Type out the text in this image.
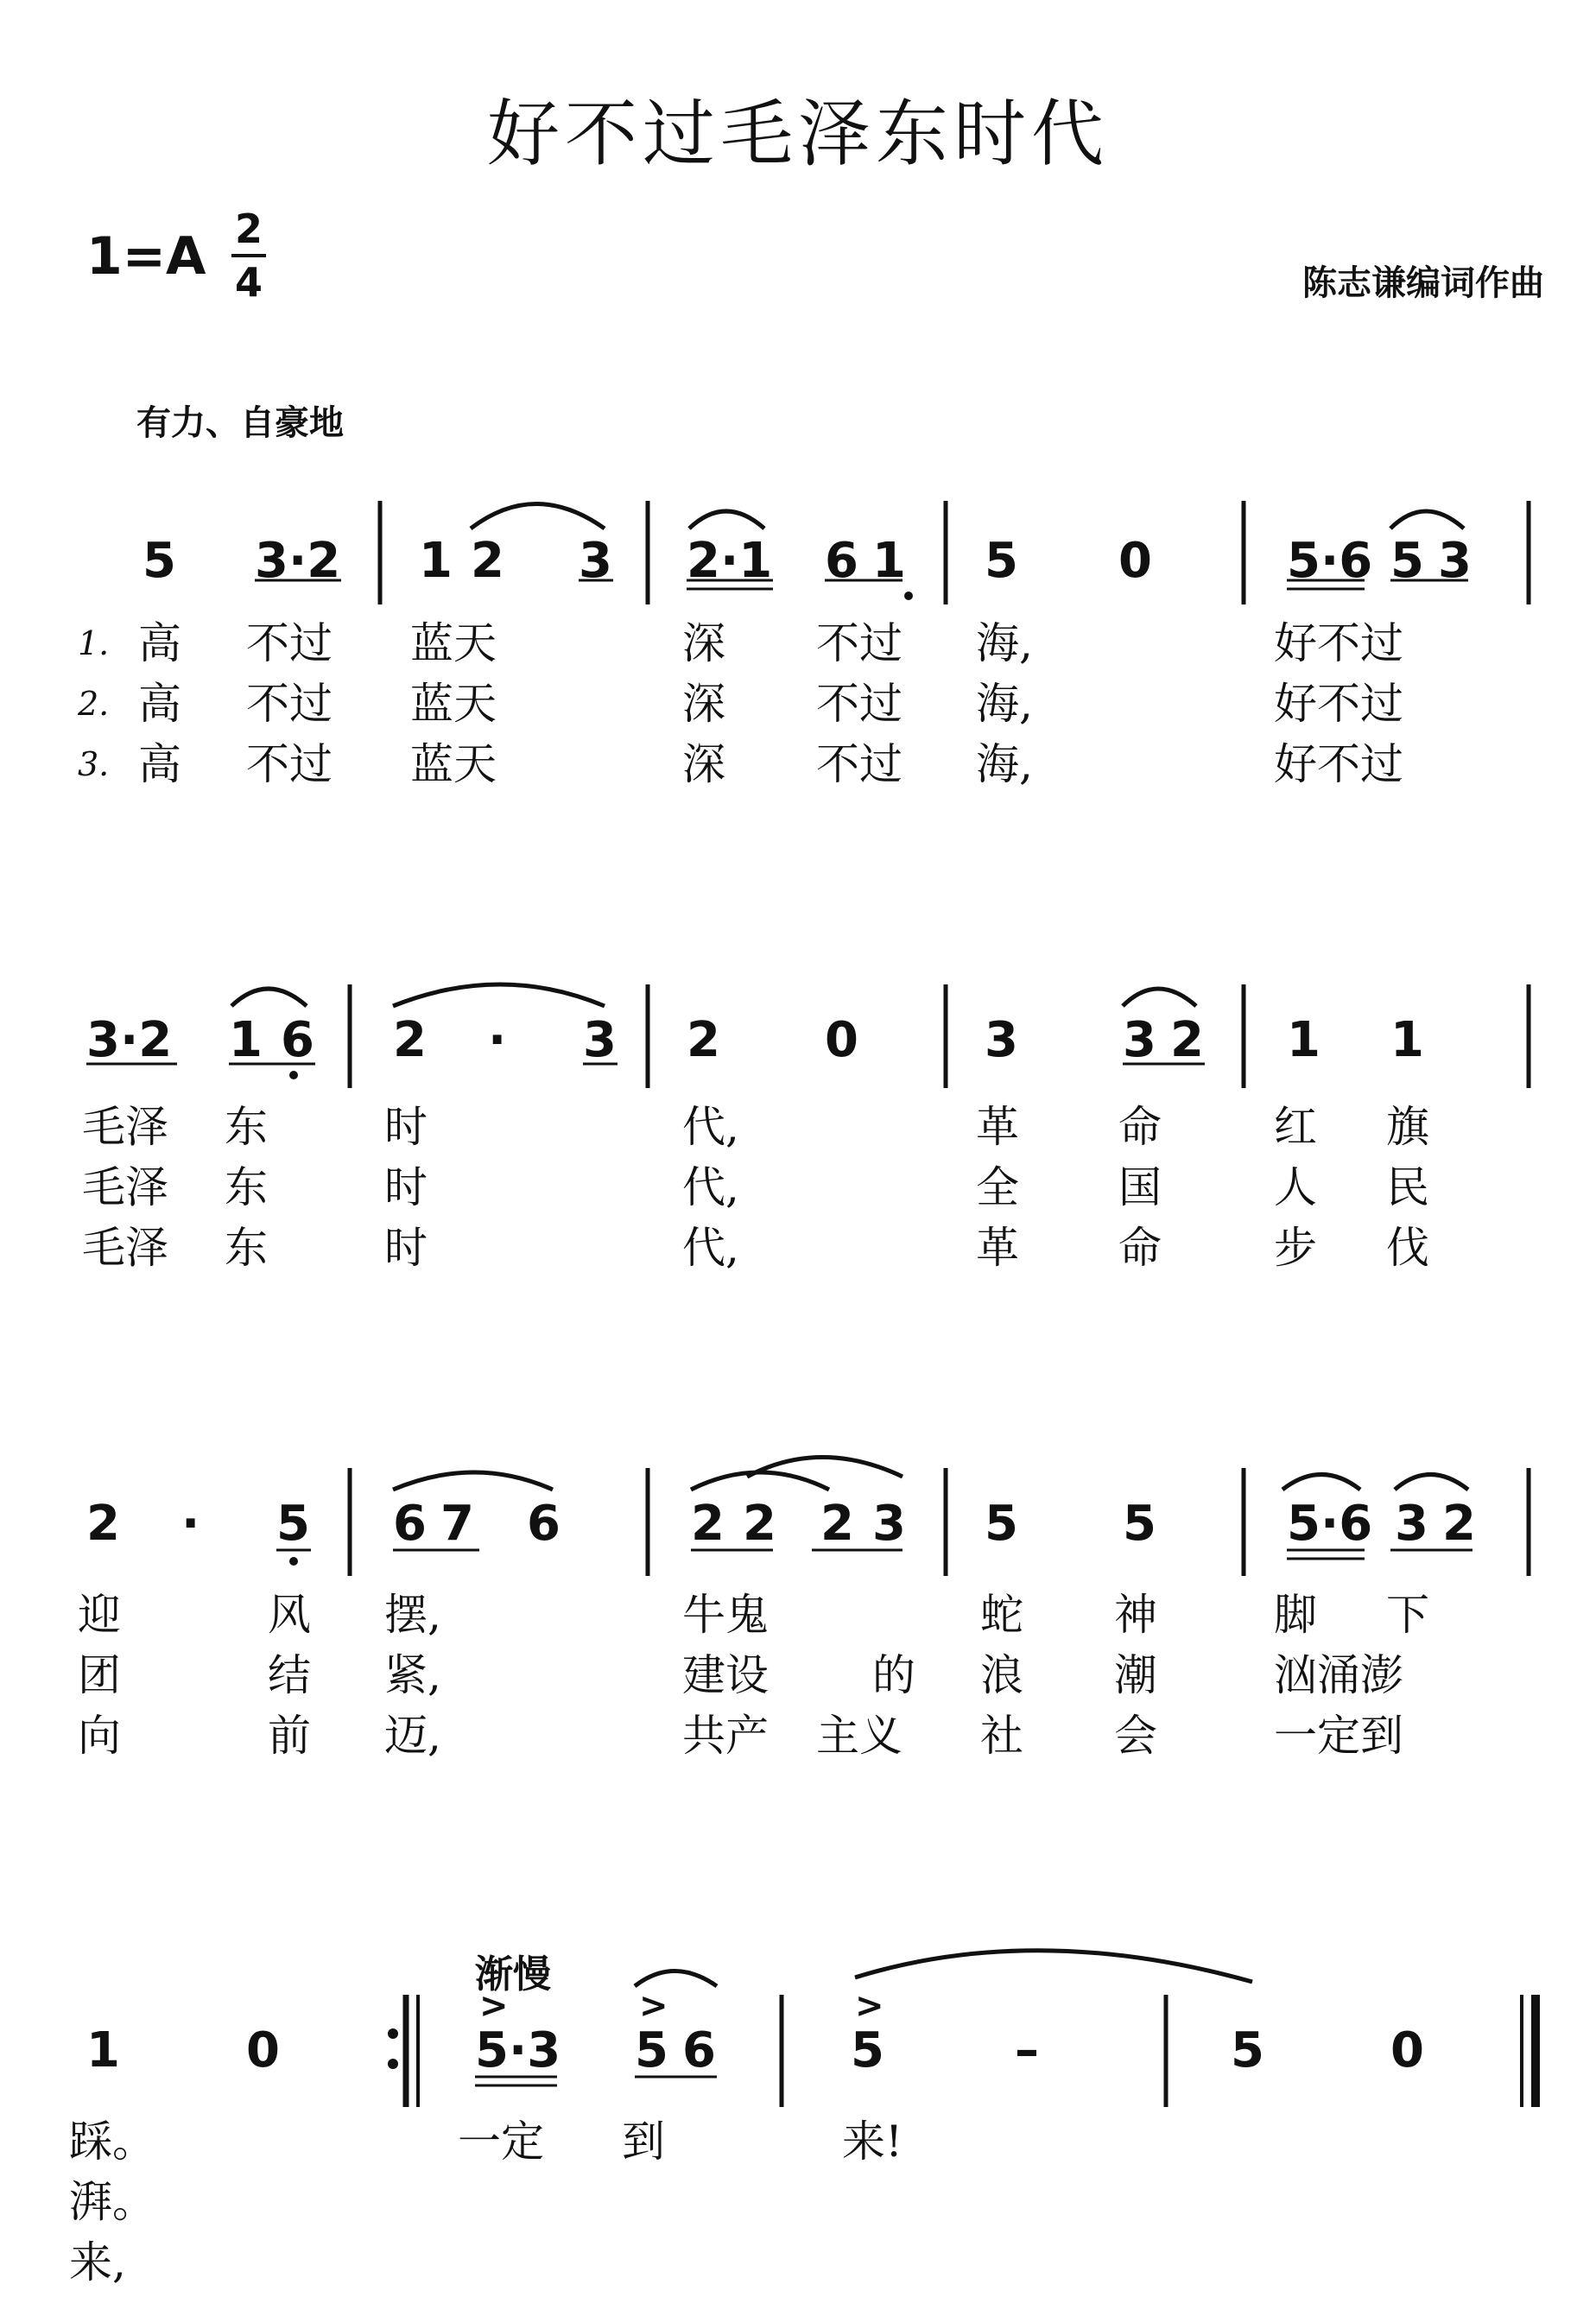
好不过毛泽东时代
1=A 2
4	陈志谦编词作曲
有力、自豪地
5 3·2 1 2 3 2·1 6 1 5 0	5·6 5 3
1.
2.
3.
高 不过 蓝天	深 不过 海,	好不过
高 不过 蓝天	深 不过 海,	好不过
高 不过 蓝天	深 不过 海,	好不过
3·2 1 6 2 · 3 2 0	3 3 2 1 1
毛泽 东	时	代,	革 命	红 旗
毛泽 东	时	代,	全 国	人 民
毛泽 东	时	代,	革 命	步 伐
2 · 5 6 7 6	2 2 2 3 5 5	5·6 3 2
迎	风 摆,	牛鬼	蛇 神	脚 下
团	结 紧,	建设 的 浪 潮	汹涌澎
向	前 迈,	共产 主义 社 会	一定到
渐慢
>	>	>
1	0	5·3 5 6	5	–	5	0
一定 到	来!
踩。
湃。
来,
